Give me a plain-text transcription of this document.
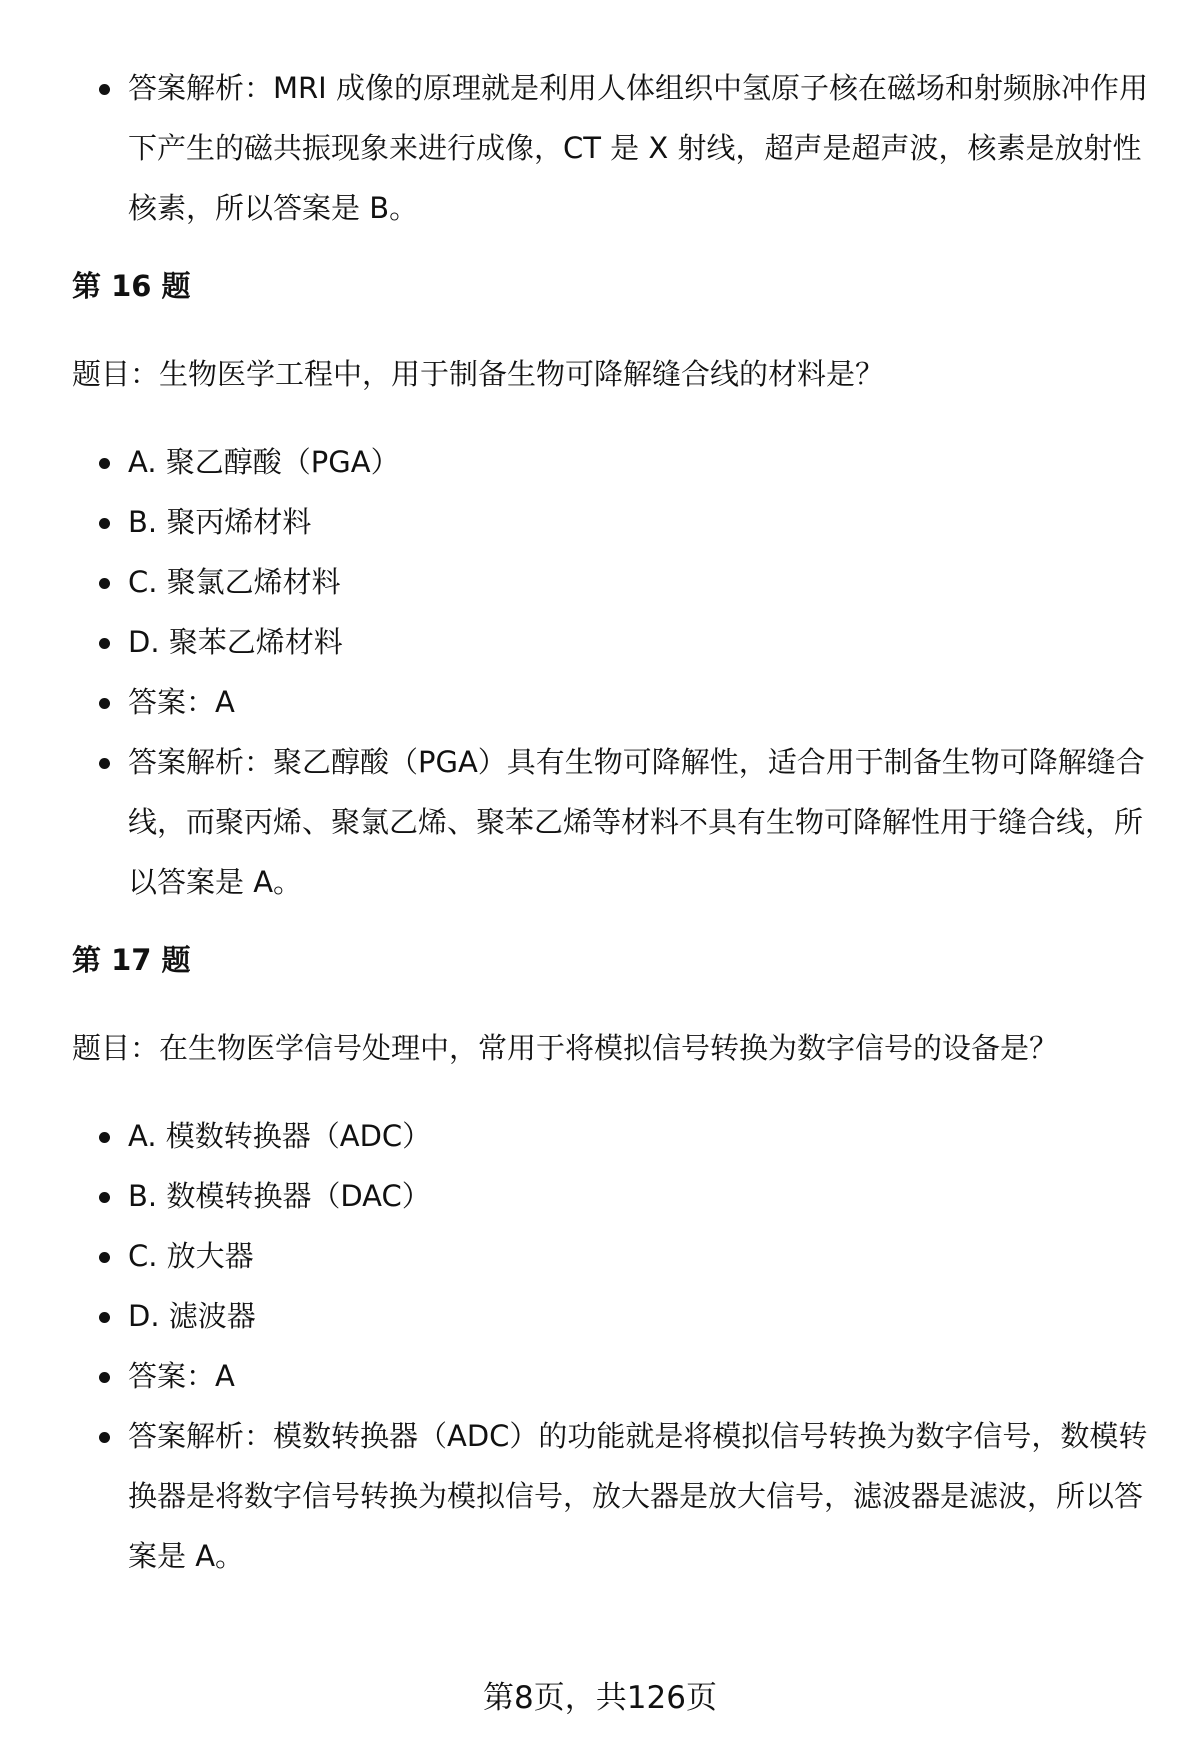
答案解析：MRI 成像的原理就是利用人体组织中氢原子核在磁场和射频脉冲作用下产生的磁共振现象来进行成像，CT 是 X 射线，超声是超声波，核素是放射性核素，所以答案是 B。
第 16 题
题目：生物医学工程中，用于制备生物可降解缝合线的材料是？
A. 聚乙醇酸（PGA）
B. 聚丙烯材料
C. 聚氯乙烯材料
D. 聚苯乙烯材料
答案：A
答案解析：聚乙醇酸（PGA）具有生物可降解性，适合用于制备生物可降解缝合线，而聚丙烯、聚氯乙烯、聚苯乙烯等材料不具有生物可降解性用于缝合线，所以答案是 A。
第 17 题
题目：在生物医学信号处理中，常用于将模拟信号转换为数字信号的设备是？
A. 模数转换器（ADC）
B. 数模转换器（DAC）
C. 放大器
D. 滤波器
答案：A
答案解析：模数转换器（ADC）的功能就是将模拟信号转换为数字信号，数模转换器是将数字信号转换为模拟信号，放大器是放大信号，滤波器是滤波，所以答案是 A。
第8页，共126页
